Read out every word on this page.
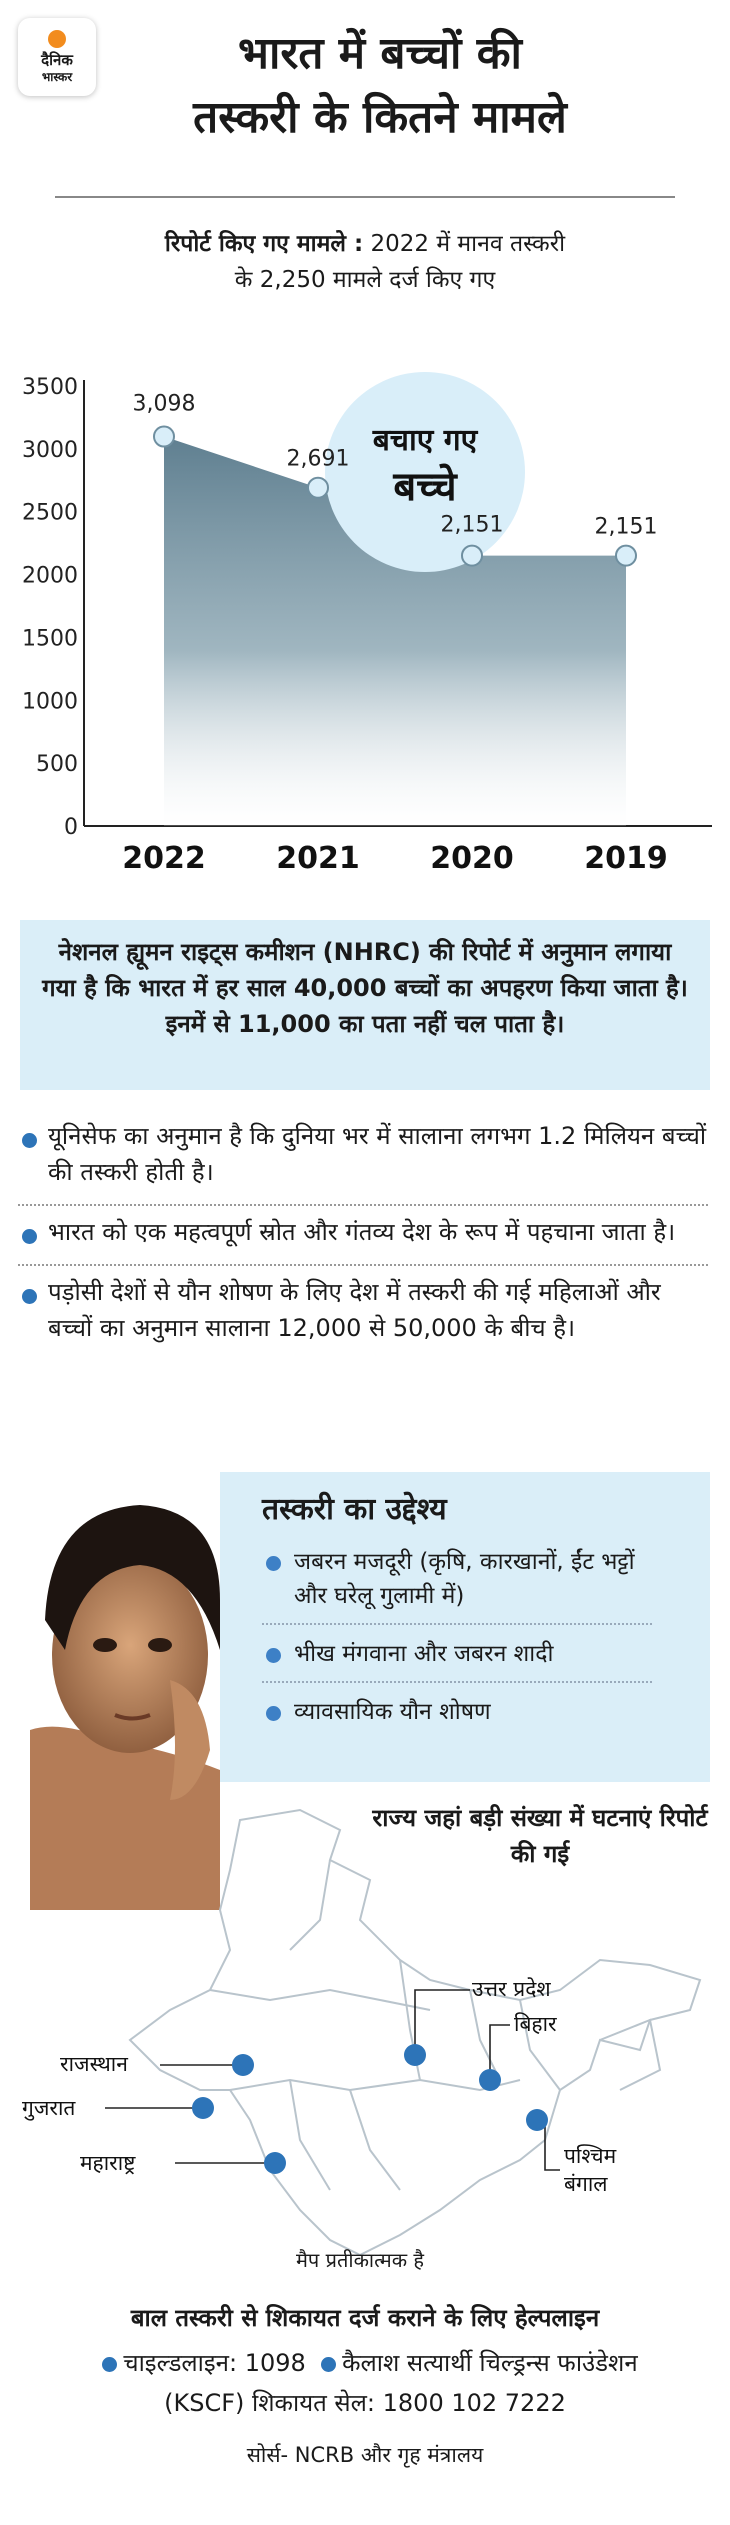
दैनिक
भास्कर	भारत में बच्चों की
तस्करी के कितने मामले
रिपोर्ट किए गए मामले : 2022 में मानव तस्करी
के 2,250 मामले दर्ज किए गए
0
500
1000
1500
2000
2500
3000
3500
बचाए गए
बच्चे
3,098
2,691
2,151	2,151
2022 2021 2020 2019
नेशनल ह्यूमन राइट्स कमीशन (NHRC) की रिपोर्ट में अनुमान लगाया गया है कि भारत में हर साल 40,000 बच्चों का अपहरण किया जाता है। इनमें से 11,000 का पता नहीं चल पाता है।
यूनिसेफ का अनुमान है कि दुनिया भर में सालाना लगभग 1.2 मिलियन बच्चों की तस्करी होती है।
भारत को एक महत्वपूर्ण स्रोत और गंतव्य देश के रूप में पहचाना जाता है।
पड़ोसी देशों से यौन शोषण के लिए देश में तस्करी की गई महिलाओं और बच्चों का अनुमान सालाना 12,000 से 50,000 के बीच है।
तस्करी का उद्देश्य
जबरन मजदूरी (कृषि, कारखानों, ईंट भट्टों और घरेलू गुलामी में)
भीख मंगवाना और जबरन शादी
व्यावसायिक यौन शोषण
राज्य जहां बड़ी संख्या में घटनाएं रिपोर्ट की गई
उत्तर प्रदेश
बिहार
राजस्थान
गुजरात
पश्चिम
बंगाल
महाराष्ट्र
मैप प्रतीकात्मक है
बाल तस्करी से शिकायत दर्ज कराने के लिए हेल्पलाइन
चाइल्डलाइन: 1098 कैलाश सत्यार्थी चिल्ड्रन्स फाउंडेशन
(KSCF) शिकायत सेल: 1800 102 7222
सोर्स- NCRB और गृह मंत्रालय
